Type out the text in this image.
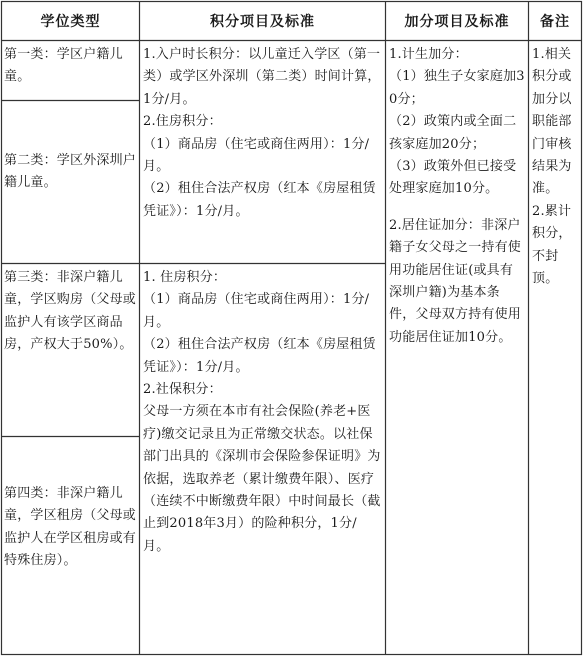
学位类型	积分项目及标准	加分项目及标准 备注
第一类：学区户籍儿童。
第二类：学区外深圳户籍儿童。
第三类：非深户籍儿童，学区购房（父母或监护人有该学区商品房，产权大于50%）。
第四类：非深户籍儿童，学区租房（父母或监护人在学区租房或有特殊住房）。

1.入户时长积分：以儿童迁入学区（第一类）或学区外深圳（第二类）时间计算，1分/月。

2.住房积分：

（1）商品房（住宅或商住两用）：1分/月。

（2）租住合法产权房（红本《房屋租赁凭证》）：1分/月。

1. 住房积分：

（1）商品房（住宅或商住两用）：1分/月。

（2）租住合法产权房（红本《房屋租赁凭证》）：1分/月。

2.社保积分：

父母一方须在本市有社会保险(养老+医疗)缴交记录且为正常缴交状态。以社保部门出具的《深圳市会保险参保证明》为依据，选取养老（累计缴费年限）、医疗（连续不中断缴费年限）中时间最长（截止到2018年3月）的险种积分，1分/月。

1.计生加分：

（1）独生子女家庭加30分；

（2）政策内或全面二孩家庭加20分；

（3）政策外但已接受处理家庭加10分。

2.居住证加分：非深户籍子女父母之一持有使用功能居住证(或具有深圳户籍)为基本条件，父母双方持有使用功能居住证加10分。

1.相关积分或加分以职能部门审核结果为准。

2.累计积分，不封顶。
